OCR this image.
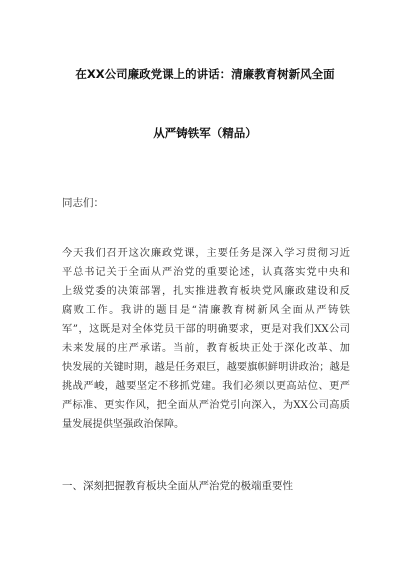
在XX公司廉政党课上的讲话：清廉教育树新风全面
从严铸铁军（精品）
同志们：
今天我们召开这次廉政党课，主要任务是深入学习贯彻习近
平总书记关于全面从严治党的重要论述，认真落实党中央和
上级党委的决策部署，扎实推进教育板块党风廉政建设和反
腐败工作。我讲的题目是“清廉教育树新风全面从严铸铁
军”，这既是对全体党员干部的明确要求，更是对我们XX公司
未来发展的庄严承诺。当前，教育板块正处于深化改革、加
快发展的关键时期，越是任务艰巨，越要旗帜鲜明讲政治；越是
挑战严峻，越要坚定不移抓党建。我们必须以更高站位、更严
严标准、更实作风，把全面从严治党引向深入，为XX公司高质
量发展提供坚强政治保障。
一、深刻把握教育板块全面从严治党的极端重要性
